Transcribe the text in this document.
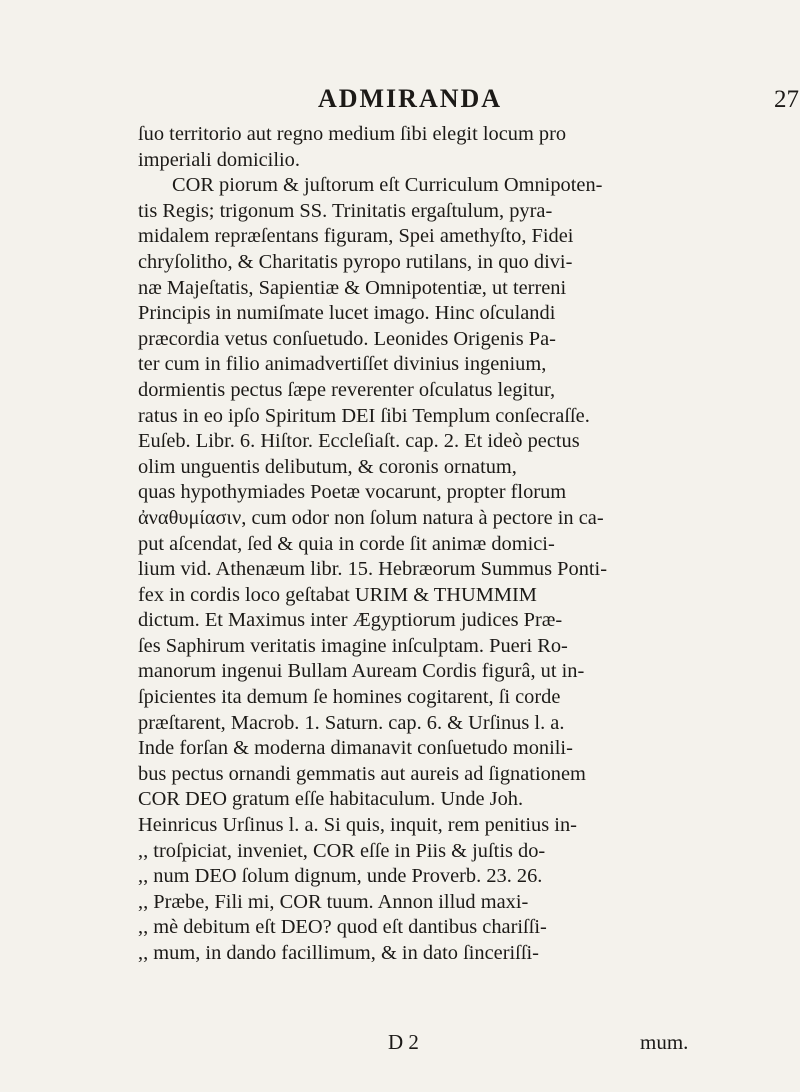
ADMIRANDA	27
ſuo territorio aut regno medium ſibi elegit locum pro
imperiali domicilio.
COR piorum & juſtorum eſt Curriculum Omnipoten-
tis Regis; trigonum SS. Trinitatis ergaſtulum, pyra-
midalem repræſentans figuram, Spei amethyſto, Fidei
chryſolitho, & Charitatis pyropo rutilans, in quo divi-
næ Majeſtatis, Sapientiæ & Omnipotentiæ, ut terreni
Principis in numiſmate lucet imago. Hinc oſculandi
præcordia vetus conſuetudo. Leonides Origenis Pa-
ter cum in filio animadvertiſſet divinius ingenium,
dormientis pectus ſæpe reverenter oſculatus legitur,
ratus in eo ipſo Spiritum DEI ſibi Templum conſecraſſe.
Euſeb. Libr. 6. Hiſtor. Eccleſiaſt. cap. 2. Et ideò pectus
olim unguentis delibutum, & coronis ornatum,
quas hypothymiades Poetæ vocarunt, propter florum
ἀναθυμίασιν, cum odor non ſolum natura à pectore in ca-
put aſcendat, ſed & quia in corde ſit animæ domici-
lium vid. Athenæum libr. 15. Hebræorum Summus Ponti-
fex in cordis loco geſtabat URIM & THUMMIM
dictum. Et Maximus inter Ægyptiorum judices Præ-
ſes Saphirum veritatis imagine inſculptam. Pueri Ro-
manorum ingenui Bullam Auream Cordis figurâ, ut in-
ſpicientes ita demum ſe homines cogitarent, ſi corde
præſtarent, Macrob. 1. Saturn. cap. 6. & Urſinus l. a.
Inde forſan & moderna dimanavit conſuetudo monili-
bus pectus ornandi gemmatis aut aureis ad ſignationem
COR DEO gratum eſſe habitaculum. Unde Joh.
Heinricus Urſinus l. a. Si quis, inquit, rem penitius in-
,, troſpiciat, inveniet, COR eſſe in Piis & juſtis do-
,, num DEO ſolum dignum, unde Proverb. 23. 26.
,, Præbe, Fili mi, COR tuum. Annon illud maxi-
,, mè debitum eſt DEO? quod eſt dantibus chariſſi-
,, mum, in dando facillimum, & in dato ſinceriſſi-
D 2	mum.
